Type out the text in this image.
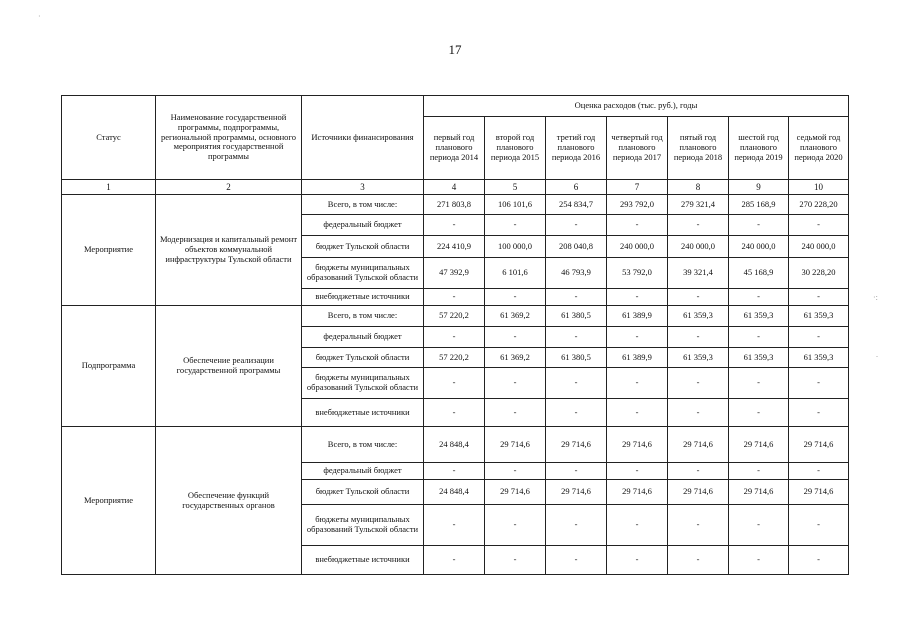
17
Статус	Наименование государственной программы, подпрограммы, региональной программы, основного мероприятия государственной программы	Источники финансирования	Оценка расходов (тыс. руб.), годы						
			первый год планового периода 2014	второй год планового периода 2015	третий год планового периода 2016	четвертый год планового периода 2017	пятый год планового периода 2018	шестой год планового периода 2019	седьмой год планового периода 2020
1	2	3	4	5	6	7	8	9	10
Мероприятие	Модернизация и капитальный ремонт объектов коммунальной инфраструктуры Тульской области	Всего, в том числе:	271 803,8	106 101,6	254 834,7	293 792,0	279 321,4	285 168,9	270 228,20
		федеральный бюджет	-	-	-	-	-	-	-
		бюджет Тульской области	224 410,9	100 000,0	208 040,8	240 000,0	240 000,0	240 000,0	240 000,0
		бюджеты муниципальных образований Тульской области	47 392,9	6 101,6	46 793,9	53 792,0	39 321,4	45 168,9	30 228,20
		внебюджетные источники	-	-	-	-	-	-	-
Подпрограмма	Обеспечение реализации государственной программы	Всего, в том числе:	57 220,2	61 369,2	61 380,5	61 389,9	61 359,3	61 359,3	61 359,3
		федеральный бюджет	-	-	-	-	-	-	-
		бюджет Тульской области	57 220,2	61 369,2	61 380,5	61 389,9	61 359,3	61 359,3	61 359,3
		бюджеты муниципальных образований Тульской области	-	-	-	-	-	-	-
		внебюджетные источники	-	-	-	-	-	-	-
Мероприятие	Обеспечение функций государственных органов	Всего, в том числе:	24 848,4	29 714,6	29 714,6	29 714,6	29 714,6	29 714,6	29 714,6
		федеральный бюджет	-	-	-	-	-	-	-
		бюджет Тульской области	24 848,4	29 714,6	29 714,6	29 714,6	29 714,6	29 714,6	29 714,6
		бюджеты муниципальных образований Тульской области	-	-	-	-	-	-	-
		внебюджетные источники	-	-	-	-	-	-	-
·
·:
.
